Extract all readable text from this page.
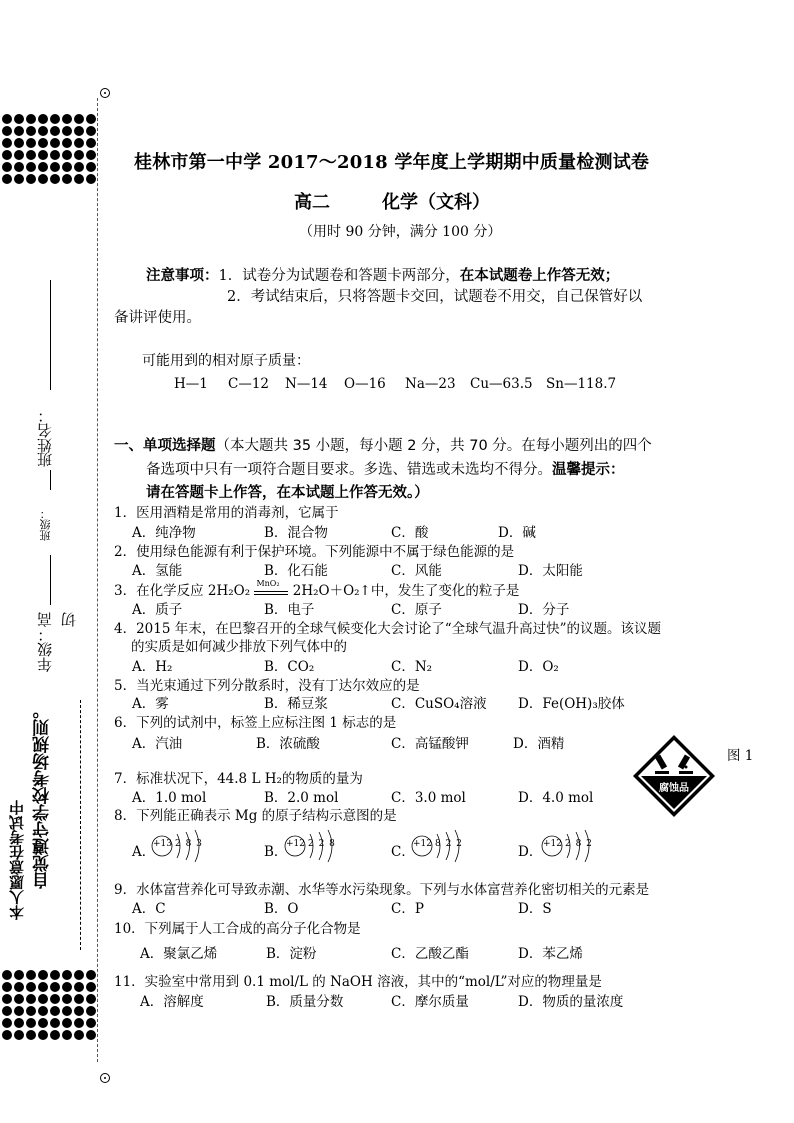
姓名：
班
班级：
年级：高 切
本人愿意在考试中 自觉遵守学校考场规则。
桂林市第一中学 2017～2018 学年度上学期期中质量检测试卷
高二	化学（文科）
（用时 90 分钟，满分 100 分）
注意事项：1．试卷分为试题卷和答题卡两部分，在本试题卷上作答无效；
2．考试结束后，只将答题卡交回，试题卷不用交，自己保管好以
备讲评使用。
可能用到的相对原子质量：
H—1 C—12 N—14 O—16 Na—23 Cu—63.5 Sn—118.7
一、单项选择题（本大题共 35 小题，每小题 2 分，共 70 分。在每小题列出的四个
备选项中只有一项符合题目要求。多选、错选或未选均不得分。温馨提示：
请在答题卡上作答，在本试题上作答无效。）
1．医用酒精是常用的消毒剂，它属于
A．纯净物	B．混合物	C．酸	D．碱
2．使用绿色能源有利于保护环境。下列能源中不属于绿色能源的是
A．氢能	B．化石能	C．风能	D．太阳能
3．在化学反应 2H₂O₂ MnO₂ 2H₂O＋O₂↑中，发生了变化的粒子是
A．质子	B．电子	C．原子	D．分子
4．2015 年末，在巴黎召开的全球气候变化大会讨论了“全球气温升高过快”的议题。该议题
的实质是如何减少排放下列气体中的
A．H₂	B．CO₂	C．N₂	D．O₂
5．当光束通过下列分散系时，没有丁达尔效应的是
A．雾	B．稀豆浆	C．CuSO₄溶液 D．Fe(OH)₃胶体
6．下列的试剂中，标签上应标注图 1 标志的是
A．汽油	B．浓硫酸	C．高锰酸钾	D．酒精
腐蚀品
图 1
7．标准状况下，44.8 L H₂的物质的量为
A．1.0 mol	B．2.0 mol	C．3.0 mol	D．4.0 mol
8．下列能正确表示 Mg 的原子结构示意图的是
A．	B．	C．	D．
+13 2 8 3	+12 2 2 8	+12 8 2 2	+12 2 8 2
9．水体富营养化可导致赤潮、水华等水污染现象。下列与水体富营养化密切相关的元素是
A．C	B．O	C．P	D．S
10．下列属于人工合成的高分子化合物是
A．聚氯乙烯	B．淀粉	C．乙酸乙酯	D．苯乙烯
11．实验室中常用到 0.1 mol/L 的 NaOH 溶液，其中的“mol/L”对应的物理量是
A．溶解度	B．质量分数	C．摩尔质量	D．物质的量浓度
